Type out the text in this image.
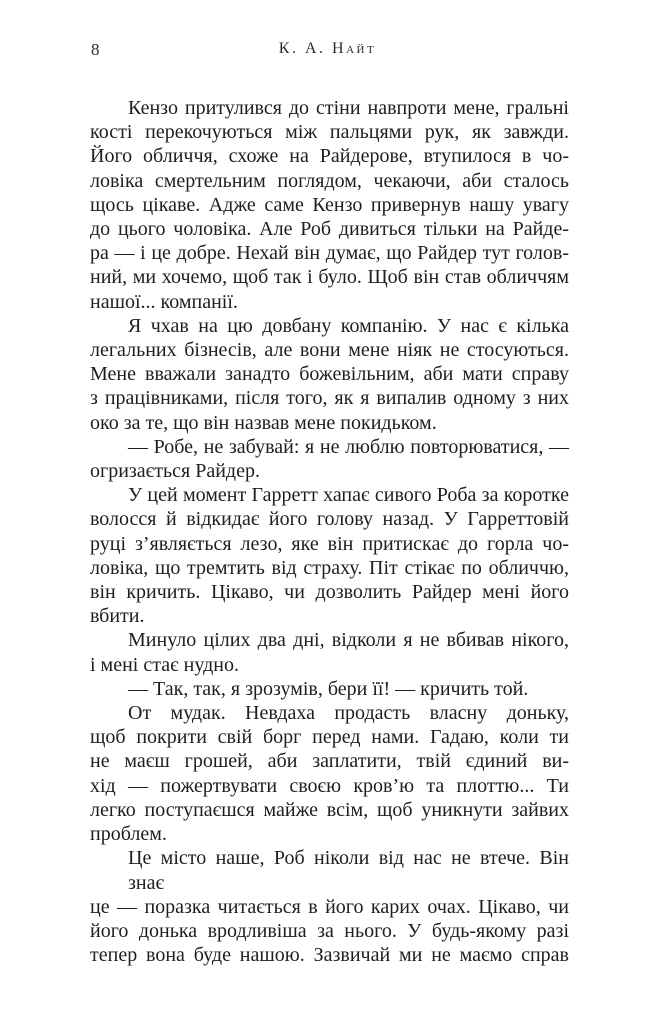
8	К. А. Найт
Кензо притулився до стіни навпроти мене, гральні
кості перекочуються між пальцями рук, як завжди.
Його обличчя, схоже на Райдерове, втупилося в чо-
ловіка смертельним поглядом, чекаючи, аби сталось
щось цікаве. Адже саме Кензо привернув нашу увагу
до цього чоловіка. Але Роб дивиться тільки на Райде-
ра — і це добре. Нехай він думає, що Райдер тут голов-
ний, ми хочемо, щоб так і було. Щоб він став обличчям
нашої... компанії.
Я чхав на цю довбану компанію. У нас є кілька
легальних бізнесів, але вони мене ніяк не стосуються.
Мене вважали занадто божевільним, аби мати справу
з працівниками, після того, як я випалив одному з них
око за те, що він назвав мене покидьком.
— Робе, не забувай: я не люблю повторюватися, —
огризається Райдер.
У цей момент Гарретт хапає сивого Роба за коротке
волосся й відкидає його голову назад. У Гарреттовій
руці з’являється лезо, яке він притискає до горла чо-
ловіка, що тремтить від страху. Піт стікає по обличчю,
він кричить. Цікаво, чи дозволить Райдер мені його
вбити.
Минуло цілих два дні, відколи я не вбивав нікого,
і мені стає нудно.
— Так, так, я зрозумів, бери її! — кричить той.
От мудак. Невдаха продасть власну доньку,
щоб покрити свій борг перед нами. Гадаю, коли ти
не маєш грошей, аби заплатити, твій єдиний ви-
хід — пожертвувати своєю кров’ю та плоттю... Ти
легко поступаєшся майже всім, щоб уникнути зайвих
проблем.
Це місто наше, Роб ніколи від нас не втече. Він знає
це — поразка читається в його карих очах. Цікаво, чи
його донька вродливіша за нього. У будь-якому разі
тепер вона буде нашою. Зазвичай ми не маємо справ
